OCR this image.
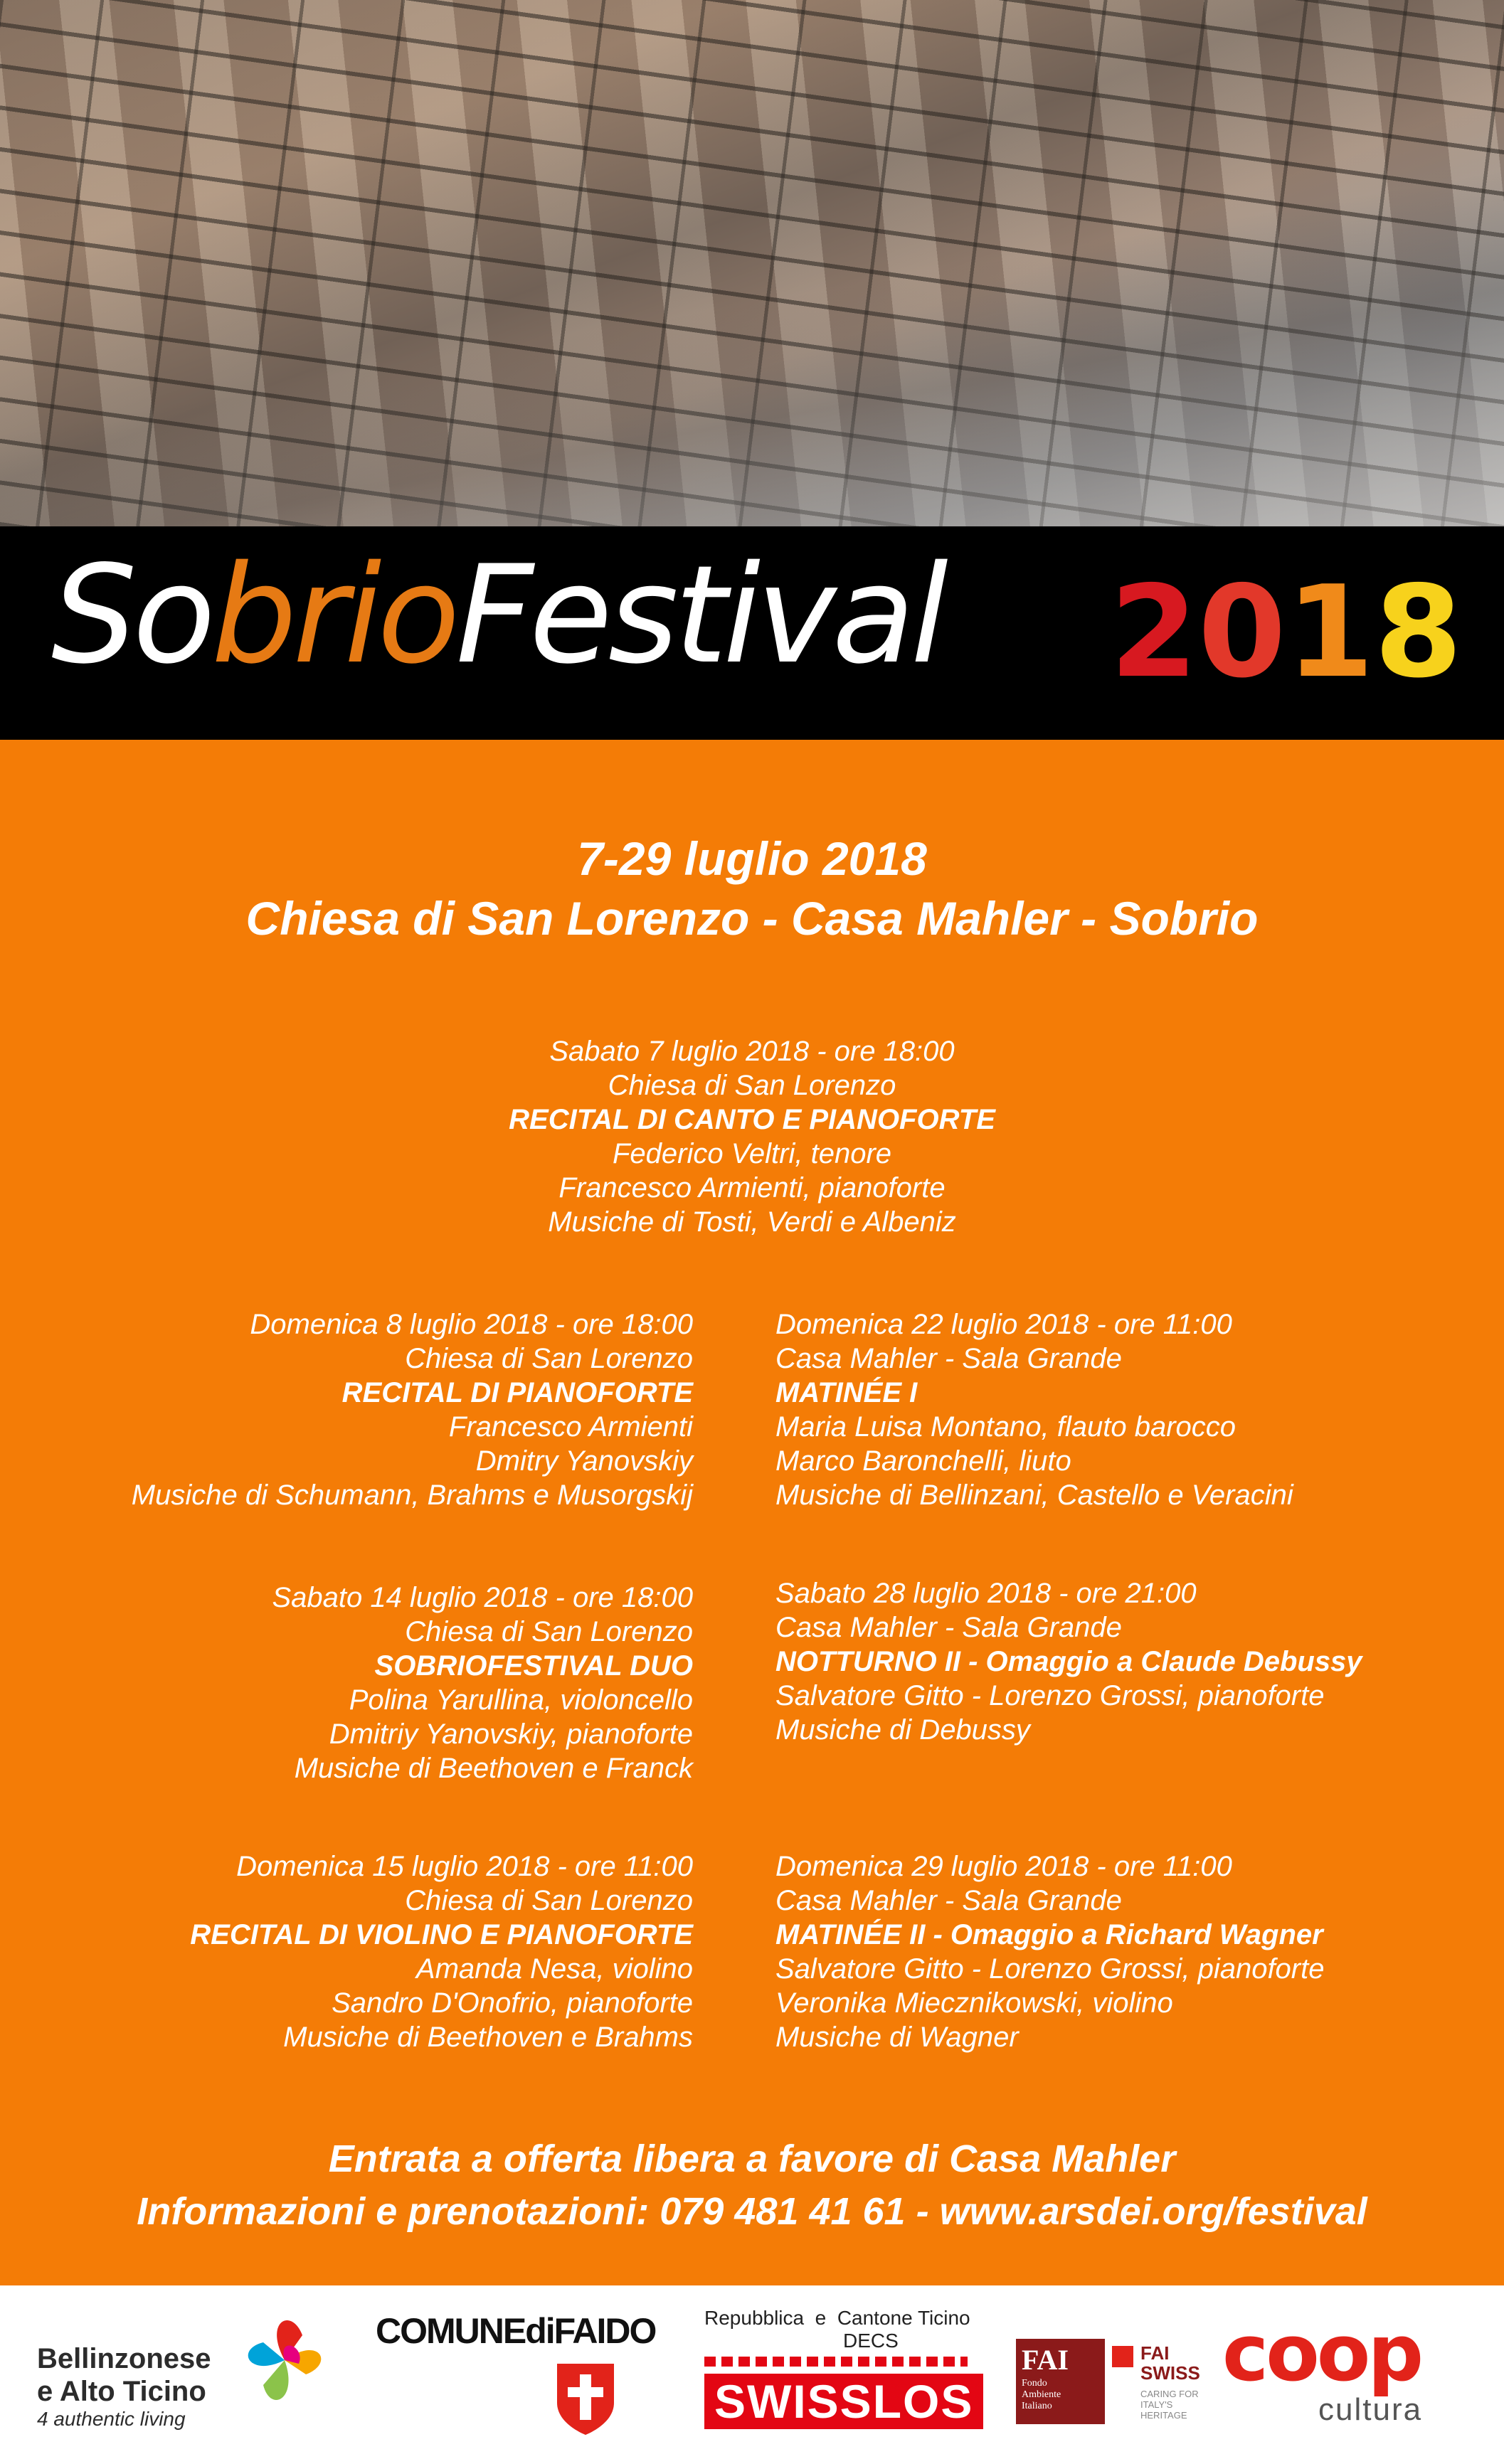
SobrioFestival 2018
7-29 luglio 2018
Chiesa di San Lorenzo - Casa Mahler - Sobrio
Sabato 7 luglio 2018 - ore 18:00
Chiesa di San Lorenzo
RECITAL DI CANTO E PIANOFORTE
Federico Veltri, tenore
Francesco Armienti, pianoforte
Musiche di Tosti, Verdi e Albeniz
Domenica 8 luglio 2018 - ore 18:00
Chiesa di San Lorenzo
RECITAL DI PIANOFORTE
Francesco Armienti
Dmitry Yanovskiy
Musiche di Schumann, Brahms e Musorgskij
Sabato 14 luglio 2018 - ore 18:00
Chiesa di San Lorenzo
SOBRIOFESTIVAL DUO
Polina Yarullina, violoncello
Dmitriy Yanovskiy, pianoforte
Musiche di Beethoven e Franck
Domenica 15 luglio 2018 - ore 11:00
Chiesa di San Lorenzo
RECITAL DI VIOLINO E PIANOFORTE
Amanda Nesa, violino
Sandro D'Onofrio, pianoforte
Musiche di Beethoven e Brahms
Domenica 22 luglio 2018 - ore 11:00
Casa Mahler - Sala Grande
MATINÉE I
Maria Luisa Montano, flauto barocco
Marco Baronchelli, liuto
Musiche di Bellinzani, Castello e Veracini
Sabato 28 luglio 2018 - ore 21:00
Casa Mahler - Sala Grande
NOTTURNO II - Omaggio a Claude Debussy
Salvatore Gitto - Lorenzo Grossi, pianoforte
Musiche di Debussy
Domenica 29 luglio 2018 - ore 11:00
Casa Mahler - Sala Grande
MATINÉE II - Omaggio a Richard Wagner
Salvatore Gitto - Lorenzo Grossi, pianoforte
Veronika Miecznikowski, violino
Musiche di Wagner
Entrata a offerta libera a favore di Casa Mahler
Informazioni e prenotazioni: 079 481 41 61 - www.arsdei.org/festival
Bellinzonese
e Alto Ticino
4 authentic living
COMUNEdiFAIDO Repubblica e Cantone Ticino
DECS
SWISSLOS
FAI
Fondo Ambiente Italiano
FAI SWISS
CARING FOR ITALY'S HERITAGE
coop
cultura
